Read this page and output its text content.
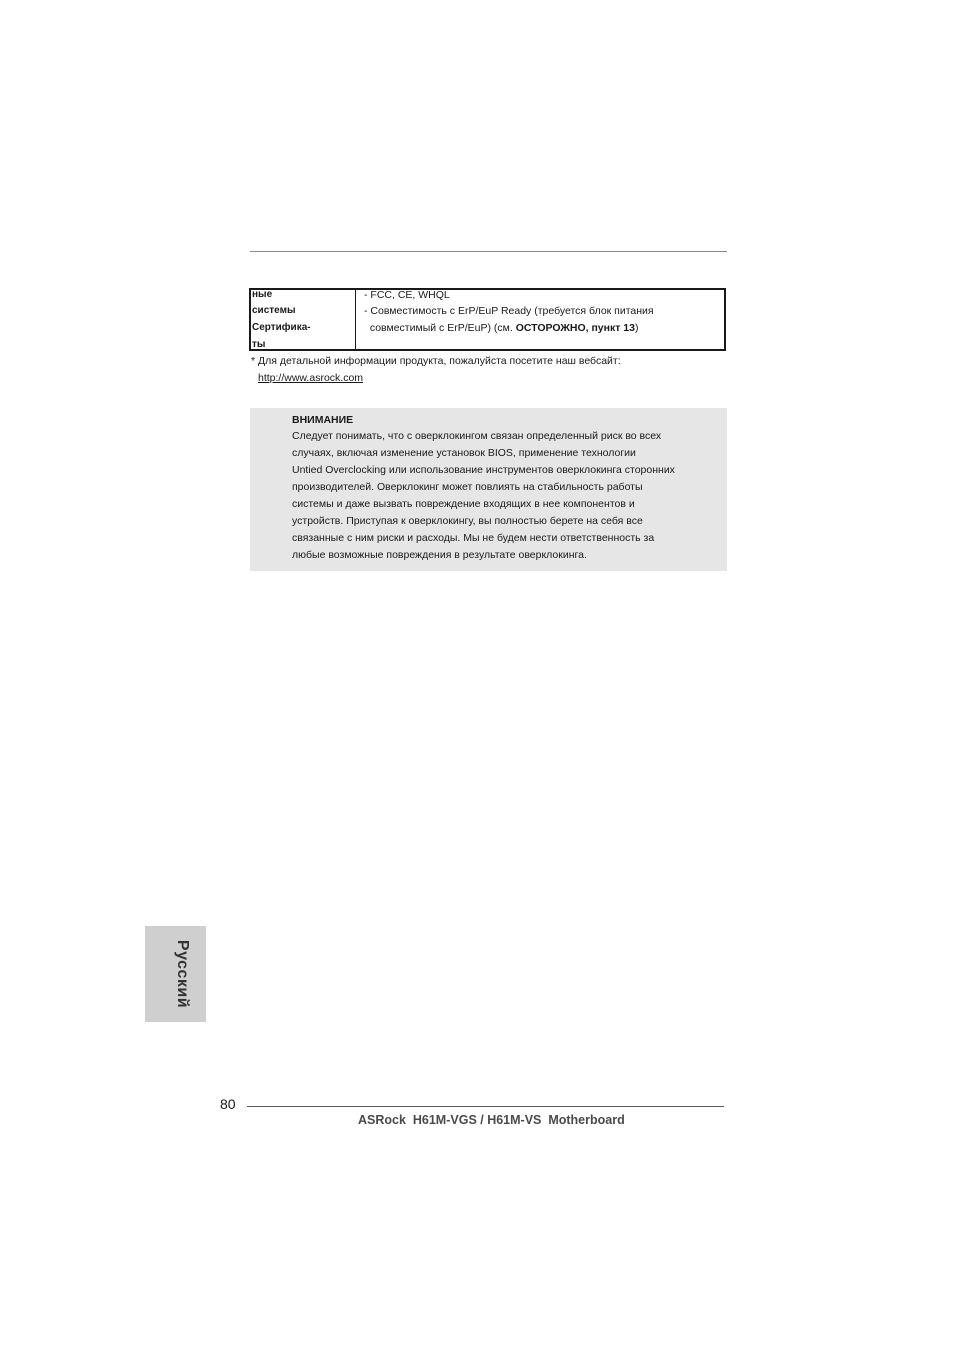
ные
системы
Сертифика-
ты
- FCC, CE, WHQL
- Совместимость с ErP/EuP Ready (требуется блок питания
совместимый с ErP/EuP) (см. ОСТОРОЖНО, пункт 13)
* Для детальной информации продукта, пожалуйста посетите наш вебсайт:
http://www.asrock.com
ВНИМАНИЕ
Следует понимать, что с оверклокингом связан определенный риск во всех
случаях, включая изменение установок BIOS, применение технологии
Untied Overclocking или использование инструментов оверклокинга сторонних
производителей. Оверклокинг может повлиять на стабильность работы
системы и даже вызвать повреждение входящих в нее компонентов и
устройств. Приступая к оверклокингу, вы полностью берете на себя все
связанные с ним риски и расходы. Мы не будем нести ответственность за
любые возможные повреждения в результате оверклокинга.
Русский
80
ASRock  H61M-VGS / H61M-VS  Motherboard
